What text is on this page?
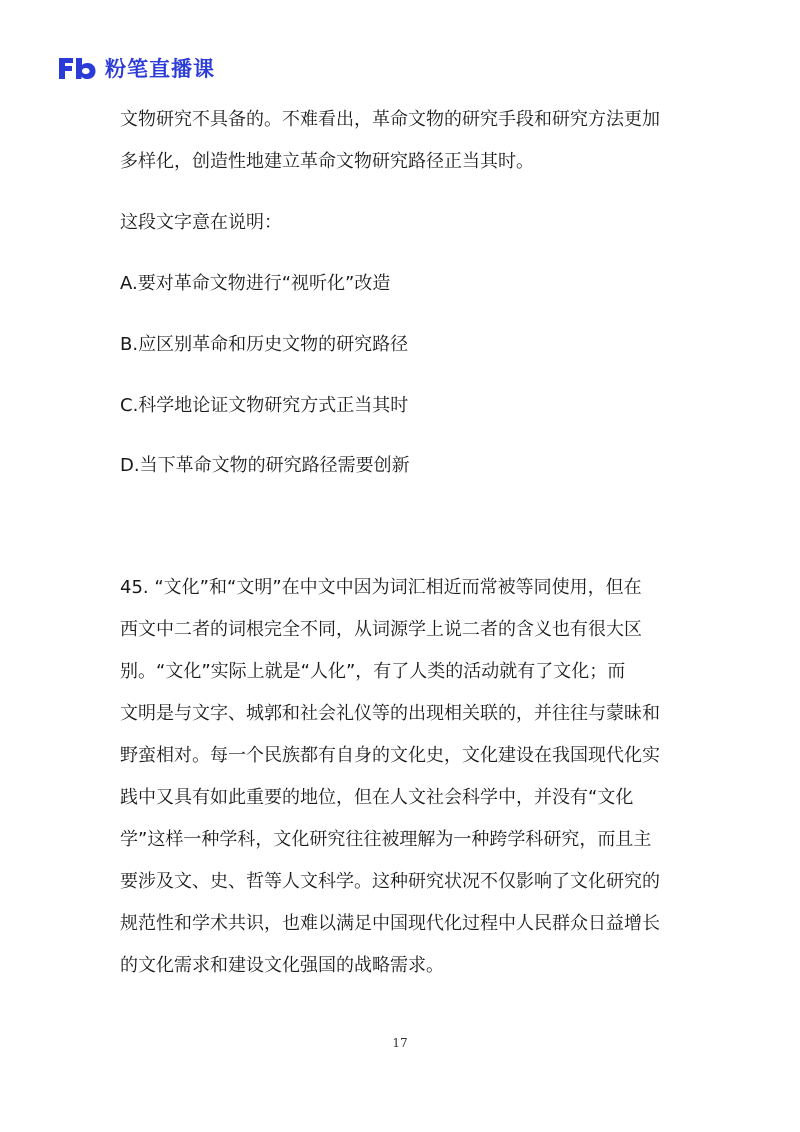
粉笔直播课
文物研究不具备的。不难看出，革命文物的研究手段和研究方法更加
多样化，创造性地建立革命文物研究路径正当其时。
这段文字意在说明：
A.要对革命文物进行“视听化”改造
B.应区别革命和历史文物的研究路径
C.科学地论证文物研究方式正当其时
D.当下革命文物的研究路径需要创新
45. “文化”和“文明”在中文中因为词汇相近而常被等同使用，但在
西文中二者的词根完全不同，从词源学上说二者的含义也有很大区
别。“文化”实际上就是“人化”，有了人类的活动就有了文化；而
文明是与文字、城郭和社会礼仪等的出现相关联的，并往往与蒙昧和
野蛮相对。每一个民族都有自身的文化史，文化建设在我国现代化实
践中又具有如此重要的地位，但在人文社会科学中，并没有“文化
学”这样一种学科，文化研究往往被理解为一种跨学科研究，而且主
要涉及文、史、哲等人文科学。这种研究状况不仅影响了文化研究的
规范性和学术共识，也难以满足中国现代化过程中人民群众日益增长
的文化需求和建设文化强国的战略需求。
17
